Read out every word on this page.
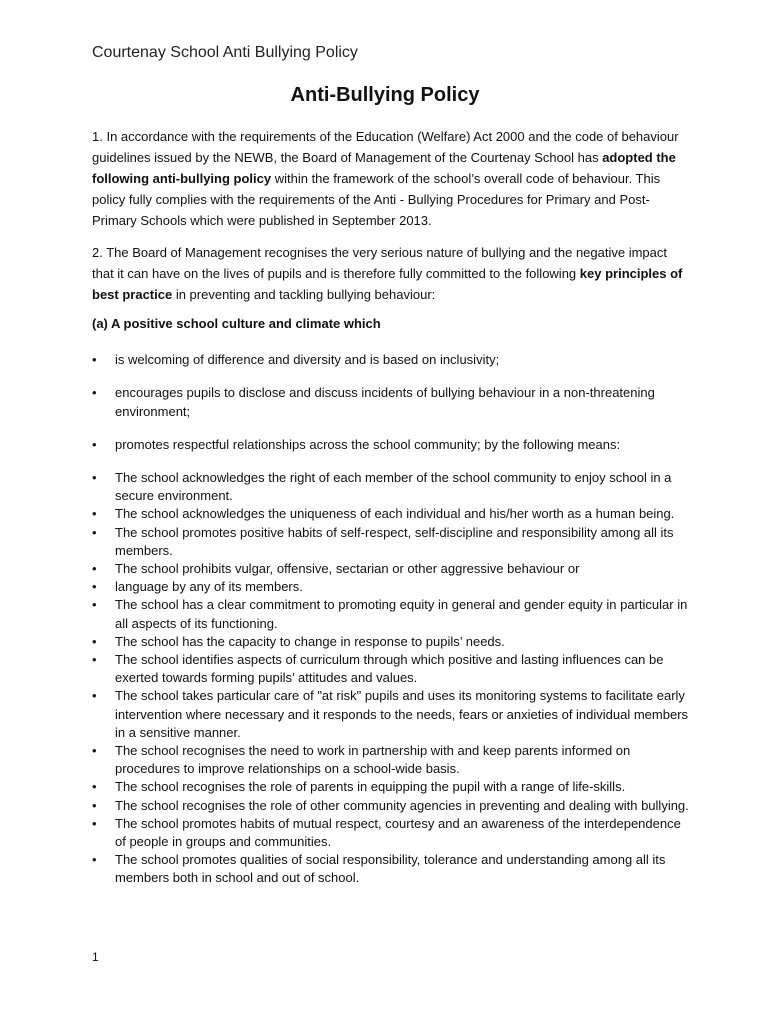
Courtenay School Anti Bullying Policy
Anti-Bullying Policy
1. In accordance with the requirements of the Education (Welfare) Act 2000 and the code of behaviour guidelines issued by the NEWB, the Board of Management of the Courtenay School has adopted the following anti-bullying policy within the framework of the school’s overall code of behaviour. This policy fully complies with the requirements of the Anti - Bullying Procedures for Primary and Post-Primary Schools which were published in September 2013.
2. The Board of Management recognises the very serious nature of bullying and the negative impact that it can have on the lives of pupils and is therefore fully committed to the following key principles of best practice in preventing and tackling bullying behaviour:
(a) A positive school culture and climate which
•	is welcoming of difference and diversity and is based on inclusivity;
•	encourages pupils to disclose and discuss incidents of bullying behaviour in a non-threatening environment;
•	promotes respectful relationships across the school community; by the following means:
•	The school acknowledges the right of each member of the school community to enjoy school in a secure environment.
•	The school acknowledges the uniqueness of each individual and his/her worth as a human being.
•	The school promotes positive habits of self-respect, self-discipline and responsibility among all its members.
•	The school prohibits vulgar, offensive, sectarian or other aggressive behaviour or
•	language by any of its members.
•	The school has a clear commitment to promoting equity in general and gender equity in particular in all aspects of its functioning.
•	The school has the capacity to change in response to pupils’ needs.
•	The school identifies aspects of curriculum through which positive and lasting influences can be exerted towards forming pupils’ attitudes and values.
•	The school takes particular care of "at risk" pupils and uses its monitoring systems to facilitate early intervention where necessary and it responds to the needs, fears or anxieties of individual members in a sensitive manner.
•	The school recognises the need to work in partnership with and keep parents informed on procedures to improve relationships on a school-wide basis.
•	The school recognises the role of parents in equipping the pupil with a range of life-skills.
•	The school recognises the role of other community agencies in preventing and dealing with bullying.
•	The school promotes habits of mutual respect, courtesy and an awareness of the interdependence of people in groups and communities.
•	The school promotes qualities of social responsibility, tolerance and understanding among all its members both in school and out of school.
1
